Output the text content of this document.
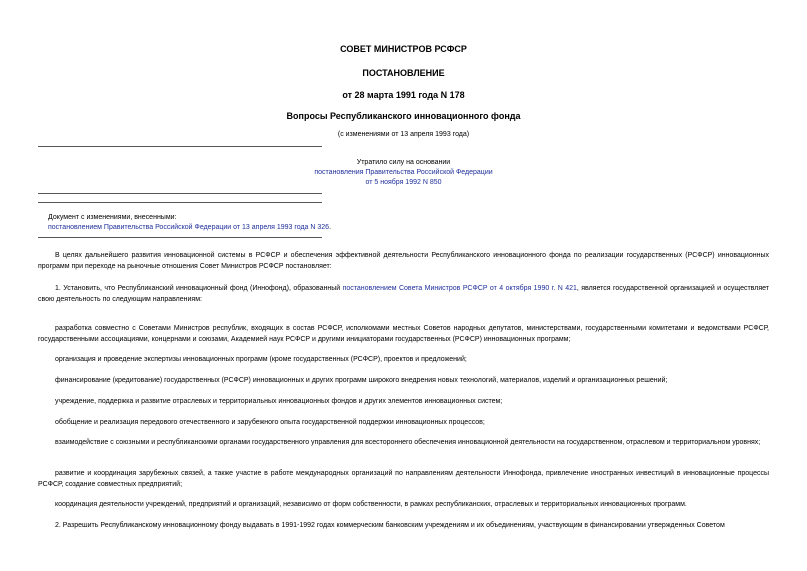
СОВЕТ МИНИСТРОВ РСФСР
ПОСТАНОВЛЕНИЕ
от 28 марта 1991 года N 178
Вопросы Республиканского инновационного фонда
(с изменениями от 13 апреля 1993 года)
Утратило силу на основании
постановления Правительства Российской Федерации
от 5 ноября 1992 N 850
Документ с изменениями, внесенными:
постановлением Правительства Российской Федерации от 13 апреля 1993 года N 326.
В целях дальнейшего развития инновационной системы в РСФСР и обеспечения эффективной деятельности Республиканского инновационного фонда по реализации государственных (РСФСР) инновационных программ при переходе на рыночные отношения Совет Министров РСФСР постановляет:
1. Установить, что Республиканский инновационный фонд (Иннофонд), образованный постановлением Совета Министров РСФСР от 4 октября 1990 г. N 421, является государственной организацией и осуществляет свою деятельность по следующим направлениям:
разработка совместно с Советами Министров республик, входящих в состав РСФСР, исполкомами местных Советов народных депутатов, министерствами, государственными комитетами и ведомствами РСФСР, государственными ассоциациями, концернами и союзами, Академией наук РСФСР и другими инициаторами государственных (РСФСР) инновационных программ;
организация и проведение экспертизы инновационных программ (кроме государственных (РСФСР), проектов и предложений;
финансирование (кредитование) государственных (РСФСР) инновационных и других программ широкого внедрения новых технологий, материалов, изделий и организационных решений;
учреждение, поддержка и развитие отраслевых и территориальных инновационных фондов и других элементов инновационных систем;
обобщение и реализация передового отечественного и зарубежного опыта государственной поддержки инновационных процессов;
взаимодействие с союзными и республиканскими органами государственного управления для всестороннего обеспечения инновационной деятельности на государственном, отраслевом и территориальном уровнях;
развитие и координация зарубежных связей, а также участие в работе международных организаций по направлениям деятельности Иннофонда, привлечение иностранных инвестиций в инновационные процессы РСФСР, создание совместных предприятий;
координация деятельности учреждений, предприятий и организаций, независимо от форм собственности, в рамках республиканских, отраслевых и территориальных инновационных программ.
2. Разрешить Республиканскому инновационному фонду выдавать в 1991-1992 годах коммерческим банковским учреждениям и их объединениям, участвующим в финансировании утвержденных Советом
